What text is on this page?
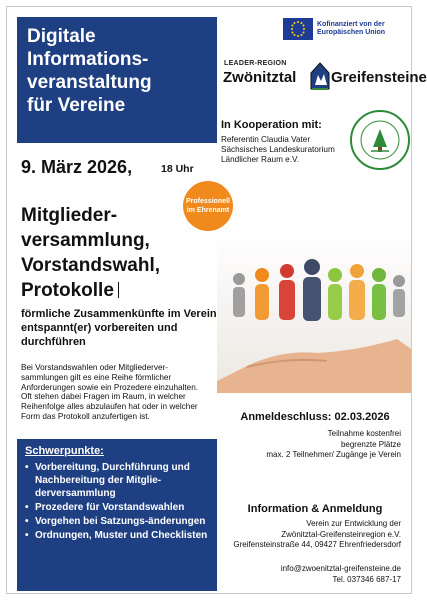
Digitale
Informations-
veranstaltung
für Vereine
Kofinanziert von der
Europäischen Union
LEADER-REGION
Zwönitztal Greifensteine
In Kooperation mit:
Referentin Claudia Vater
Sächsisches Landeskuratorium
Ländlicher Raum e.V.
9. März 2026,	18 Uhr
Professionell
im Ehrenamt
Mitglieder-
versammlung,
Vorstandswahl,
Protokolle
förmliche Zusammenkünfte im Verein entspannt(er) vorbereiten und durchführen
Bei Vorstandswahlen oder Mitgliederver-sammlungen gilt es eine Reihe förmlicher Anforderungen sowie ein Prozedere einzuhalten. Oft stehen dabei Fragen im Raum, in welcher Reihenfolge alles abzulaufen hat oder in welcher Form das Protokoll anzufertigen ist.
Schwerpunkte:
• Vorbereitung, Durchführung und Nachbereitung der Mitglie-derversammlung
• Prozedere für Vorstandswahlen
• Vorgehen bei Satzungs-änderungen
• Ordnungen, Muster und Checklisten
Anmeldeschluss: 02.03.2026
Teilnahme kostenfrei
begrenzte Plätze
max. 2 Teilnehmer/ Zugänge je Verein
Information & Anmeldung
Verein zur Entwicklung der
Zwönitztal-Greifensteinregion e.V.
Greifensteinstraße 44, 09427 Ehrenfriedersdorf
info@zwoenitztal-greifensteine.de
Tel. 037346 687-17
